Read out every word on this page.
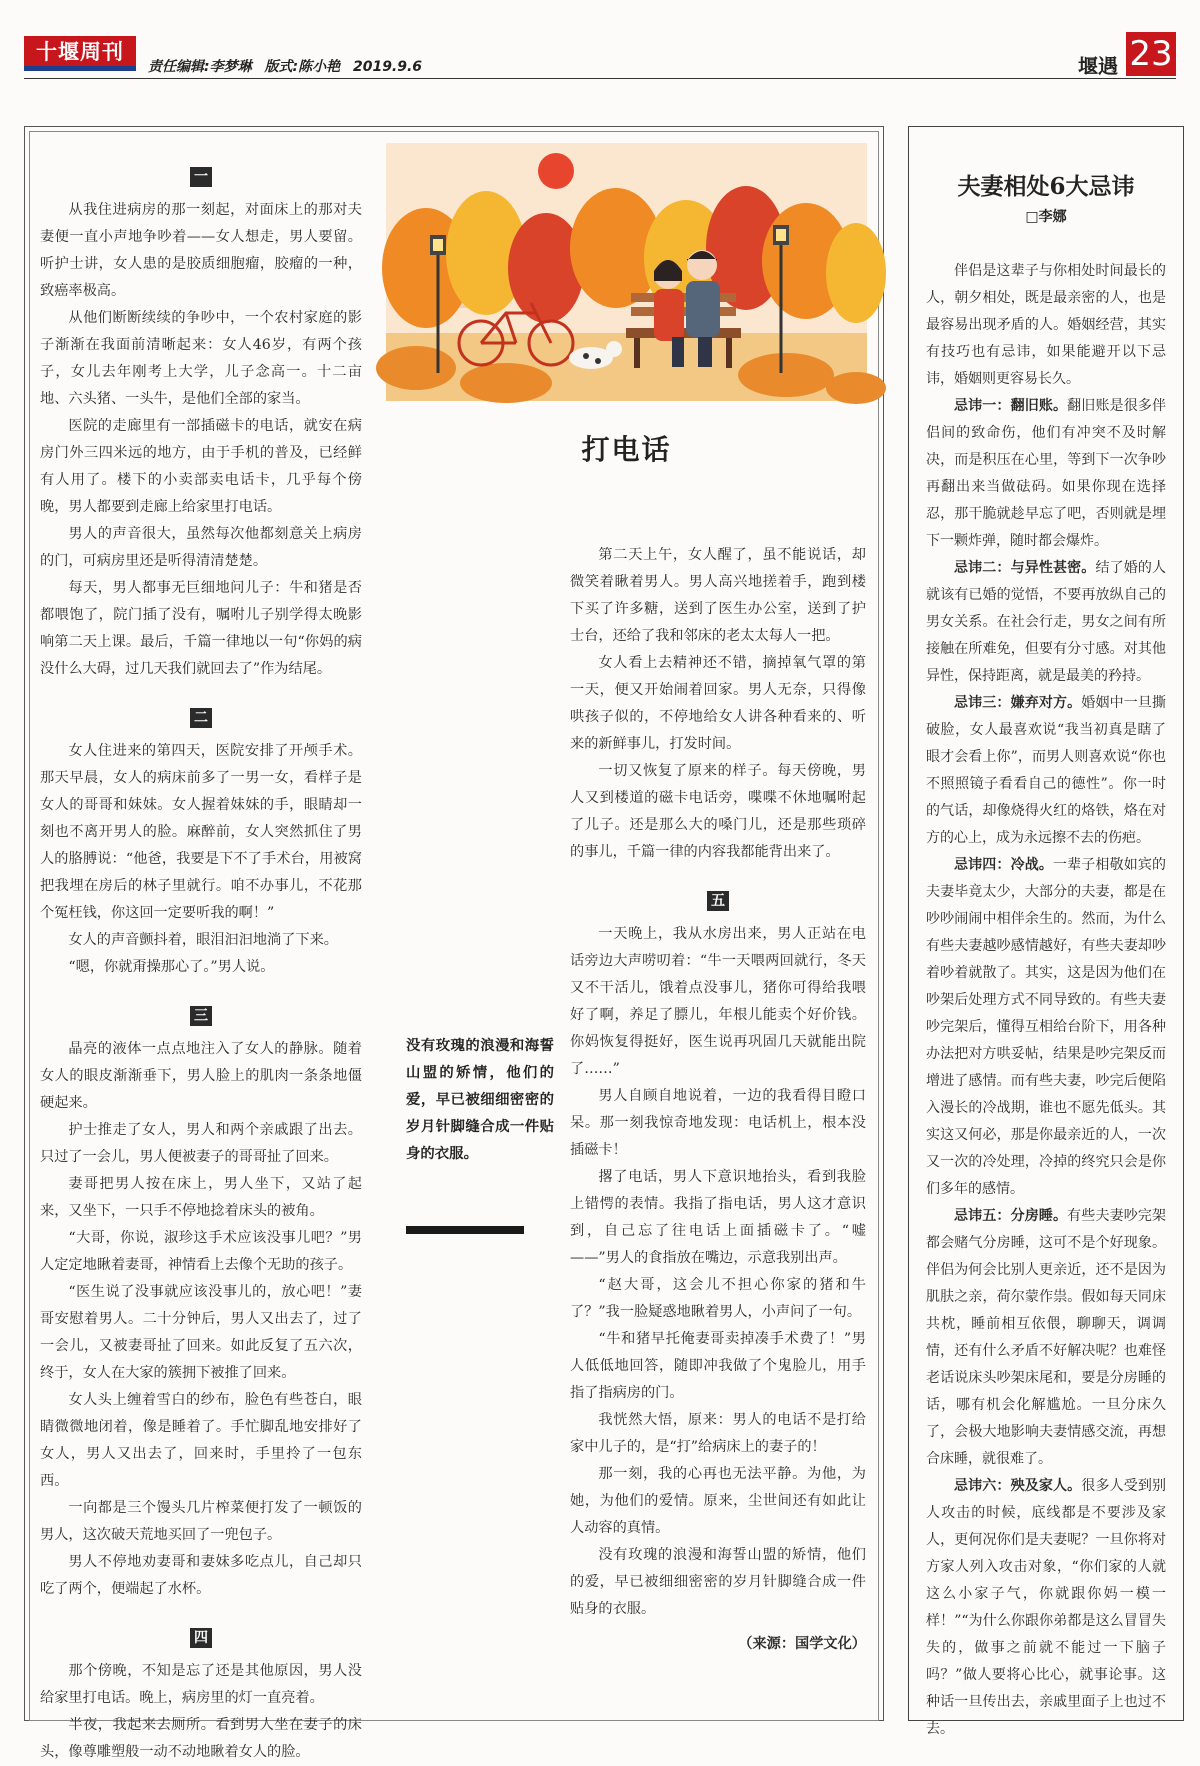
十堰周刊
责任编辑:李梦琳 版式:陈小艳 2019.9.6	堰遇 23
打电话
没有玫瑰的浪漫和海誓山盟的矫情，他们的爱，早已被细细密密的岁月针脚缝合成一件贴身的衣服。
一

从我住进病房的那一刻起，对面床上的那对夫妻便一直小声地争吵着——女人想走，男人要留。听护士讲，女人患的是胶质细胞瘤，胶瘤的一种，致癌率极高。

从他们断断续续的争吵中，一个农村家庭的影子渐渐在我面前清晰起来：女人46岁，有两个孩子，女儿去年刚考上大学，儿子念高一。十二亩地、六头猪、一头牛，是他们全部的家当。

医院的走廊里有一部插磁卡的电话，就安在病房门外三四米远的地方，由于手机的普及，已经鲜有人用了。楼下的小卖部卖电话卡，几乎每个傍晚，男人都要到走廊上给家里打电话。

男人的声音很大，虽然每次他都刻意关上病房的门，可病房里还是听得清清楚楚。

每天，男人都事无巨细地问儿子：牛和猪是否都喂饱了，院门插了没有，嘱咐儿子别学得太晚影响第二天上课。最后，千篇一律地以一句“你妈的病没什么大碍，过几天我们就回去了”作为结尾。

二

女人住进来的第四天，医院安排了开颅手术。那天早晨，女人的病床前多了一男一女，看样子是女人的哥哥和妹妹。女人握着妹妹的手，眼睛却一刻也不离开男人的脸。麻醉前，女人突然抓住了男人的胳膊说：“他爸，我要是下不了手术台，用被窝把我埋在房后的林子里就行。咱不办事儿，不花那个冤枉钱，你这回一定要听我的啊！”

女人的声音颤抖着，眼泪汩汩地淌了下来。

“嗯，你就甭操那心了。”男人说。

三

晶亮的液体一点点地注入了女人的静脉。随着女人的眼皮渐渐垂下，男人脸上的肌肉一条条地僵硬起来。

护士推走了女人，男人和两个亲戚跟了出去。只过了一会儿，男人便被妻子的哥哥扯了回来。

妻哥把男人按在床上，男人坐下，又站了起来，又坐下，一只手不停地捻着床头的被角。

“大哥，你说，淑珍这手术应该没事儿吧？”男人定定地瞅着妻哥，神情看上去像个无助的孩子。

“医生说了没事就应该没事儿的，放心吧！”妻哥安慰着男人。二十分钟后，男人又出去了，过了一会儿，又被妻哥扯了回来。如此反复了五六次，终于，女人在大家的簇拥下被推了回来。

女人头上缠着雪白的纱布，脸色有些苍白，眼睛微微地闭着，像是睡着了。手忙脚乱地安排好了女人，男人又出去了，回来时，手里拎了一包东西。

一向都是三个馒头几片榨菜便打发了一顿饭的男人，这次破天荒地买回了一兜包子。

男人不停地劝妻哥和妻妹多吃点儿，自己却只吃了两个，便端起了水杯。

四

那个傍晚，不知是忘了还是其他原因，男人没给家里打电话。晚上，病房里的灯一直亮着。

半夜，我起来去厕所。看到男人坐在妻子的床头，像尊雕塑般一动不动地瞅着女人的脸。

第二天上午，女人醒了，虽不能说话，却微笑着瞅着男人。男人高兴地搓着手，跑到楼下买了许多糖，送到了医生办公室，送到了护士台，还给了我和邻床的老太太每人一把。

女人看上去精神还不错，摘掉氧气罩的第一天，便又开始闹着回家。男人无奈，只得像哄孩子似的，不停地给女人讲各种看来的、听来的新鲜事儿，打发时间。

一切又恢复了原来的样子。每天傍晚，男人又到楼道的磁卡电话旁，喋喋不休地嘱咐起了儿子。还是那么大的嗓门儿，还是那些琐碎的事儿，千篇一律的内容我都能背出来了。

五

一天晚上，我从水房出来，男人正站在电话旁边大声唠叨着：“牛一天喂两回就行，冬天又不干活儿，饿着点没事儿，猪你可得给我喂好了啊，养足了膘儿，年根儿能卖个好价钱。你妈恢复得挺好，医生说再巩固几天就能出院了……”

男人自顾自地说着，一边的我看得目瞪口呆。那一刻我惊奇地发现：电话机上，根本没插磁卡！

撂了电话，男人下意识地抬头，看到我脸上错愕的表情。我指了指电话，男人这才意识到，自己忘了往电话上面插磁卡了。“嘘——”男人的食指放在嘴边，示意我别出声。

“赵大哥，这会儿不担心你家的猪和牛了？”我一脸疑惑地瞅着男人，小声问了一句。

“牛和猪早托俺妻哥卖掉凑手术费了！”男人低低地回答，随即冲我做了个鬼脸儿，用手指了指病房的门。

我恍然大悟，原来：男人的电话不是打给家中儿子的，是“打”给病床上的妻子的！

那一刻，我的心再也无法平静。为他，为她，为他们的爱情。原来，尘世间还有如此让人动容的真情。

没有玫瑰的浪漫和海誓山盟的矫情，他们的爱，早已被细细密密的岁月针脚缝合成一件贴身的衣服。

（来源：国学文化）
夫妻相处6大忌讳
□李娜

伴侣是这辈子与你相处时间最长的人，朝夕相处，既是最亲密的人，也是最容易出现矛盾的人。婚姻经营，其实有技巧也有忌讳，如果能避开以下忌讳，婚姻则更容易长久。

忌讳一：翻旧账。翻旧账是很多伴侣间的致命伤，他们有冲突不及时解决，而是积压在心里，等到下一次争吵再翻出来当做砝码。如果你现在选择忍，那干脆就趁早忘了吧，否则就是埋下一颗炸弹，随时都会爆炸。

忌讳二：与异性甚密。结了婚的人就该有已婚的觉悟，不要再放纵自己的男女关系。在社会行走，男女之间有所接触在所难免，但要有分寸感。对其他异性，保持距离，就是最美的矜持。

忌讳三：嫌弃对方。婚姻中一旦撕破脸，女人最喜欢说“我当初真是瞎了眼才会看上你”，而男人则喜欢说“你也不照照镜子看看自己的德性”。你一时的气话，却像烧得火红的烙铁，烙在对方的心上，成为永远擦不去的伤疤。

忌讳四：冷战。一辈子相敬如宾的夫妻毕竟太少，大部分的夫妻，都是在吵吵闹闹中相伴余生的。然而，为什么有些夫妻越吵感情越好，有些夫妻却吵着吵着就散了。其实，这是因为他们在吵架后处理方式不同导致的。有些夫妻吵完架后，懂得互相给台阶下，用各种办法把对方哄妥帖，结果是吵完架反而增进了感情。而有些夫妻，吵完后便陷入漫长的冷战期，谁也不愿先低头。其实这又何必，那是你最亲近的人，一次又一次的冷处理，冷掉的终究只会是你们多年的感情。

忌讳五：分房睡。有些夫妻吵完架都会赌气分房睡，这可不是个好现象。伴侣为何会比别人更亲近，还不是因为肌肤之亲，荷尔蒙作祟。假如每天同床共枕，睡前相互依偎，聊聊天，调调情，还有什么矛盾不好解决呢？也难怪老话说床头吵架床尾和，要是分房睡的话，哪有机会化解尴尬。一旦分床久了，会极大地影响夫妻情感交流，再想合床睡，就很难了。

忌讳六：殃及家人。很多人受到别人攻击的时候，底线都是不要涉及家人，更何况你们是夫妻呢？一旦你将对方家人列入攻击对象，“你们家的人就这么小家子气，你就跟你妈一模一样！”“为什么你跟你弟都是这么冒冒失失的，做事之前就不能过一下脑子吗？”做人要将心比心，就事论事。这种话一旦传出去，亲戚里面子上也过不去。
